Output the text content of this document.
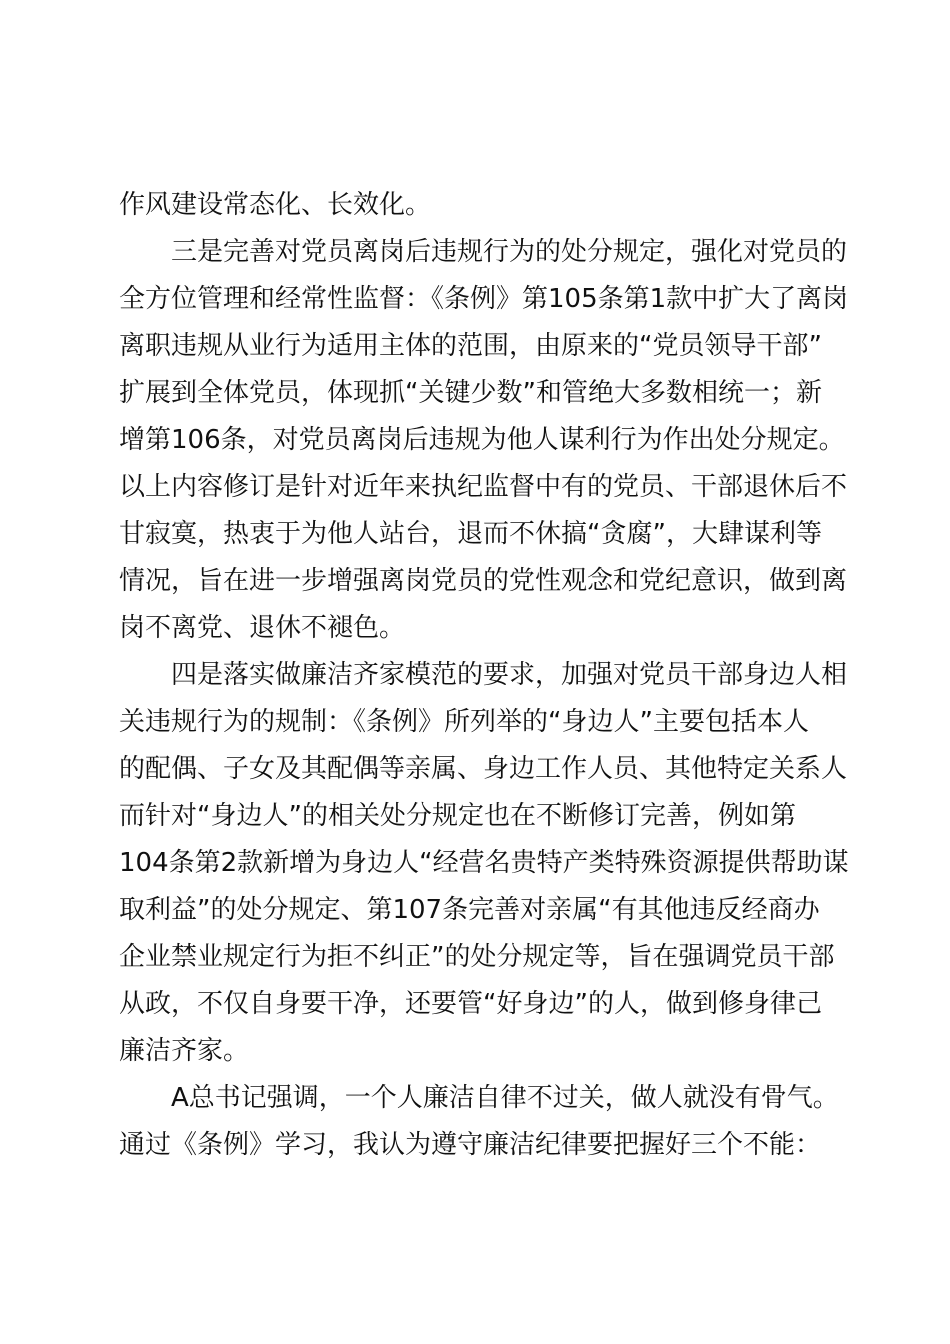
作风建设常态化、长效化。
三是完善对党员离岗后违规行为的处分规定，强化对党员的
全方位管理和经常性监督：《条例》第105条第1款中扩大了离岗
离职违规从业行为适用主体的范围，由原来的“党员领导干部”
扩展到全体党员，体现抓“关键少数”和管绝大多数相统一；新
增第106条，对党员离岗后违规为他人谋利行为作出处分规定。
以上内容修订是针对近年来执纪监督中有的党员、干部退休后不
甘寂寞，热衷于为他人站台，退而不休搞“贪腐”，大肆谋利等
情况，旨在进一步增强离岗党员的党性观念和党纪意识，做到离
岗不离党、退休不褪色。
四是落实做廉洁齐家模范的要求，加强对党员干部身边人相
关违规行为的规制：《条例》所列举的“身边人”主要包括本人
的配偶、子女及其配偶等亲属、身边工作人员、其他特定关系人
而针对“身边人”的相关处分规定也在不断修订完善，例如第
104条第2款新增为身边人“经营名贵特产类特殊资源提供帮助谋
取利益”的处分规定、第107条完善对亲属“有其他违反经商办
企业禁业规定行为拒不纠正”的处分规定等，旨在强调党员干部
从政，不仅自身要干净，还要管“好身边”的人，做到修身律己
廉洁齐家。
A总书记强调，一个人廉洁自律不过关，做人就没有骨气。
通过《条例》学习，我认为遵守廉洁纪律要把握好三个不能：
